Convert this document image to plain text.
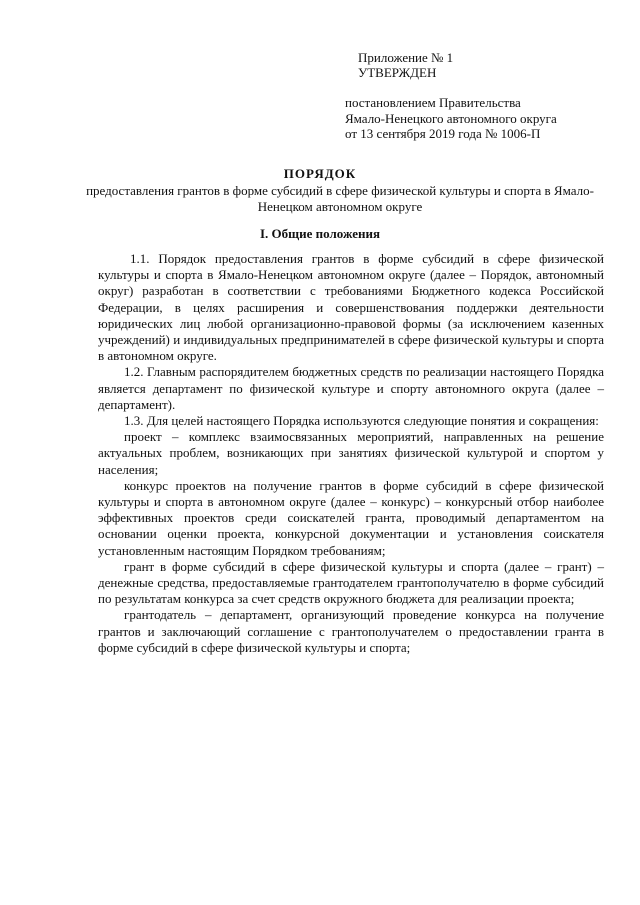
Приложение № 1
УТВЕРЖДЕН
постановлением Правительства
Ямало-Ненецкого автономного округа
от 13 сентября 2019 года № 1006-П
ПОРЯДОК
предоставления грантов в форме субсидий в сфере физической культуры и спорта в Ямало-Ненецком автономном округе
I. Общие положения

1.1. Порядок предоставления грантов в форме субсидий в сфере физической культуры и спорта в Ямало-Ненецком автономном округе (далее – Порядок, автономный округ) разработан в соответствии с требованиями Бюджетного кодекса Российской Федерации, в целях расширения и совершенствования поддержки деятельности юридических лиц любой организационно-правовой формы (за исключением казенных учреждений) и индивидуальных предпринимателей в сфере физической культуры и спорта в автономном округе.

1.2. Главным распорядителем бюджетных средств по реализации настоящего Порядка является департамент по физической культуре и спорту автономного округа (далее – департамент).

1.3. Для целей настоящего Порядка используются следующие понятия и сокращения:

проект – комплекс взаимосвязанных мероприятий, направленных на решение актуальных проблем, возникающих при занятиях физической культурой и спортом у населения;

конкурс проектов на получение грантов в форме субсидий в сфере физической культуры и спорта в автономном округе (далее – конкурс) – конкурсный отбор наиболее эффективных проектов среди соискателей гранта, проводимый департаментом на основании оценки проекта, конкурсной документации и установления соискателя установленным настоящим Порядком требованиям;

грант в форме субсидий в сфере физической культуры и спорта (далее – грант) – денежные средства, предоставляемые грантодателем грантополучателю в форме субсидий по результатам конкурса за счет средств окружного бюджета для реализации проекта;

грантодатель – департамент, организующий проведение конкурса на получение грантов и заключающий соглашение с грантополучателем о предоставлении гранта в форме субсидий в сфере физической культуры и спорта;
